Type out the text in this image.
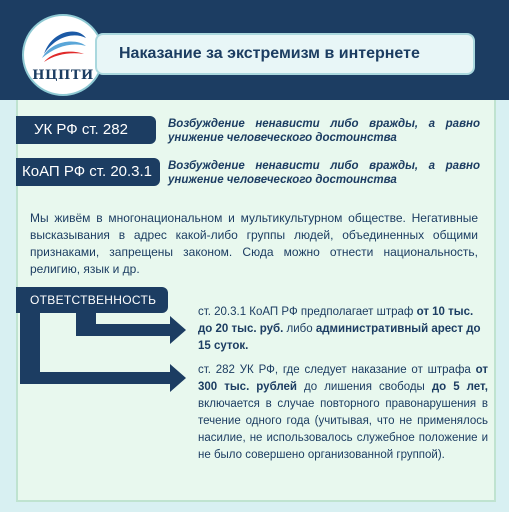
НЦПТИ
Наказание за экстремизм в интернете
УК РФ ст. 282	Возбуждение ненависти либо вражды, а равно унижение человеческого достоинства
КоАП РФ ст. 20.3.1	Возбуждение ненависти либо вражды, а равно унижение человеческого достоинства
Мы живём в многонациональном и мультикультурном обществе. Негативные высказывания в адрес какой-либо группы людей, объединенных общими признаками, запрещены законом. Сюда можно отнести национальность, религию, язык и др.
ОТВЕТСТВЕННОСТЬ
ст. 20.3.1 КоАП РФ предполагает штраф от 10 тыс. до 20 тыс. руб. либо административный арест до 15 суток.
ст. 282 УК РФ, где следует наказание от штрафа от 300 тыс. рублей до лишения свободы до 5 лет, включается в случае повторного правонарушения в течение одного года (учитывая, что не применялось насилие, не использовалось служебное положение и не было совершено организованной группой).
